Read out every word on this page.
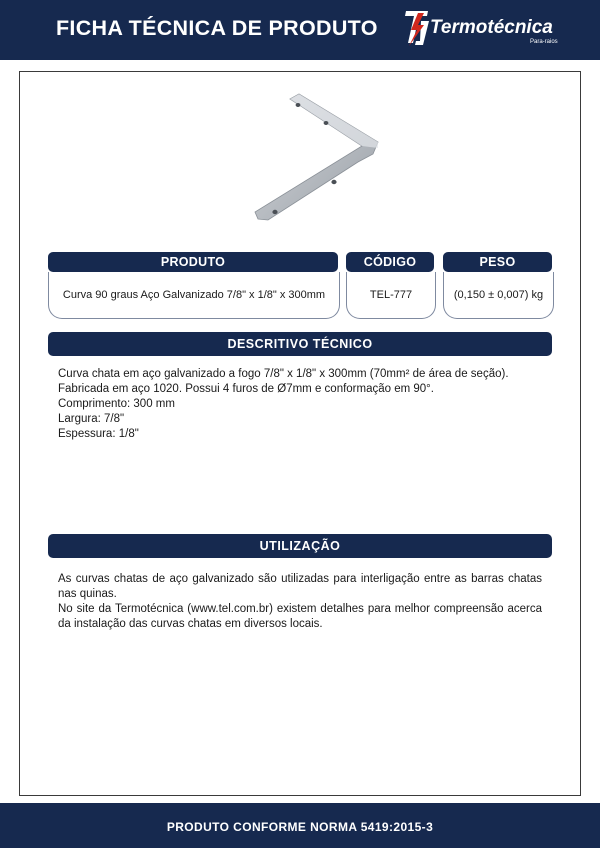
FICHA TÉCNICA DE PRODUTO	Termotécnica
Para-raios
PRODUTO	CÓDIGO	PESO
Curva 90 graus Aço Galvanizado 7/8" x 1/8" x 300mm	TEL-777	(0,150 ± 0,007) kg
DESCRITIVO TÉCNICO
Curva chata em aço galvanizado a fogo 7/8" x 1/8" x 300mm (70mm² de área de seção).
Fabricada em aço 1020. Possui 4 furos de Ø7mm e conformação em 90°.
Comprimento: 300 mm
Largura: 7/8"
Espessura: 1/8"
UTILIZAÇÃO

As curvas chatas de aço galvanizado são utilizadas para interligação entre as barras chatas nas quinas.

No site da Termotécnica (www.tel.com.br) existem detalhes para melhor compreensão acerca da instalação das curvas chatas em diversos locais.

PRODUTO CONFORME NORMA 5419:2015-3
